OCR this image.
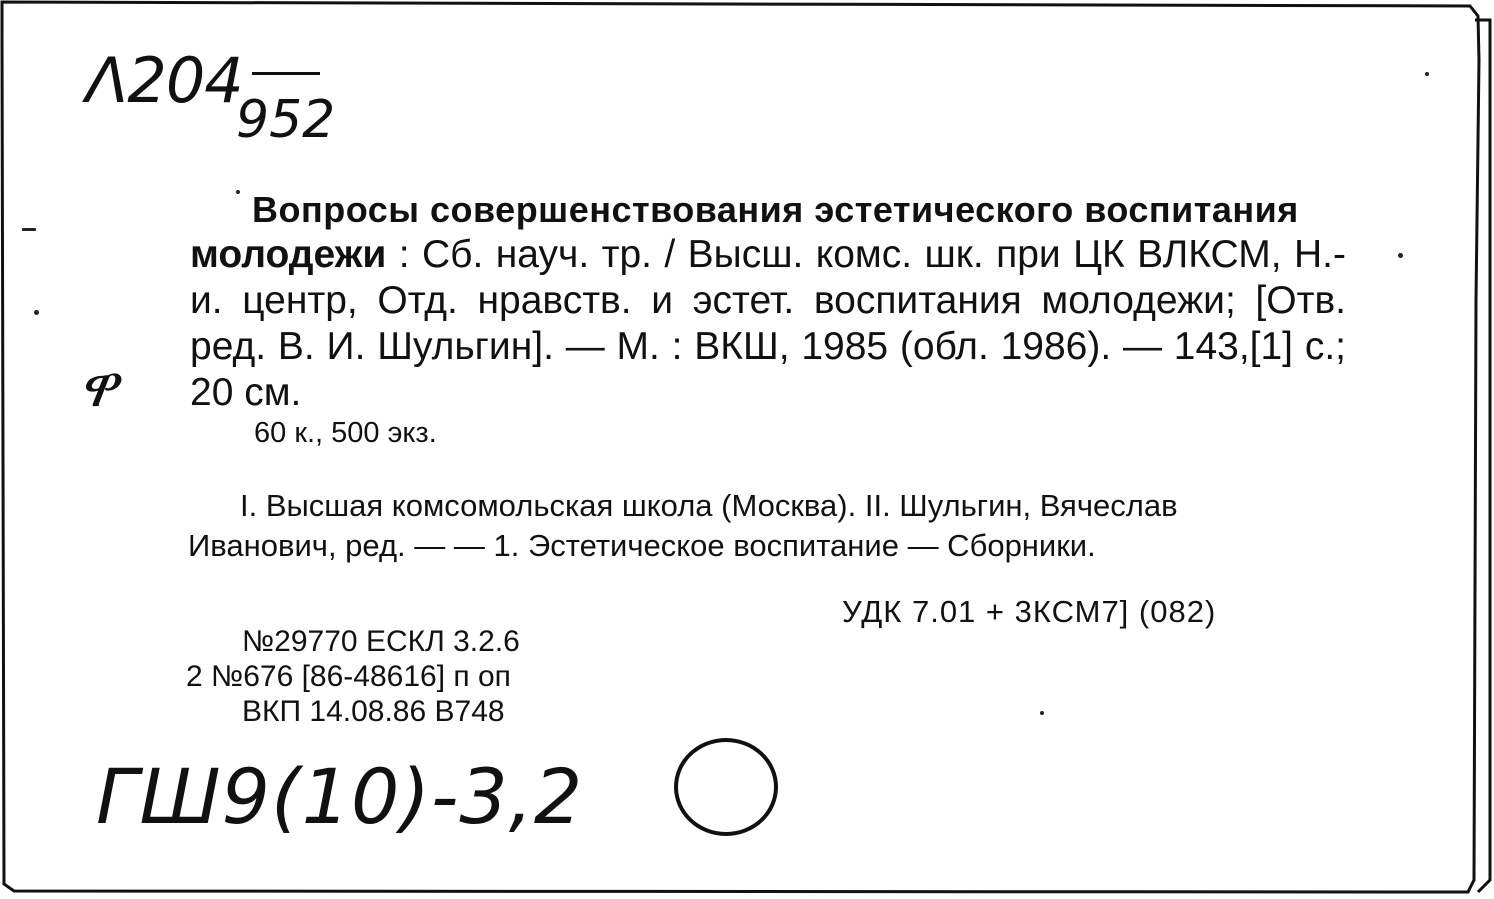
Λ204
952
ዋ
Вопросы совершенствования эстетического воспитания
молодежи : Сб. науч. тр. / Высш. комс. шк. при ЦК ВЛКСМ, Н.-и. центр, Отд. нравств. и эстет. воспитания молодежи; [Отв. ред. В. И. Шульгин]. — М. : ВКШ, 1985 (обл. 1986). — 143,[1] с.; 20 см.
60 к., 500 экз.
I. Высшая комсомольская школа (Москва). II. Шульгин, Вячеслав
Иванович, ред. — — 1. Эстетическое воспитание — Сборники.
УДК 7.01 + 3КСМ7] (082)
№29770 ЕСКЛ 3.2.6
2 №676 [86-48616] п оп
ВКП 14.08.86 В748
ГШ9(10)-3,2
